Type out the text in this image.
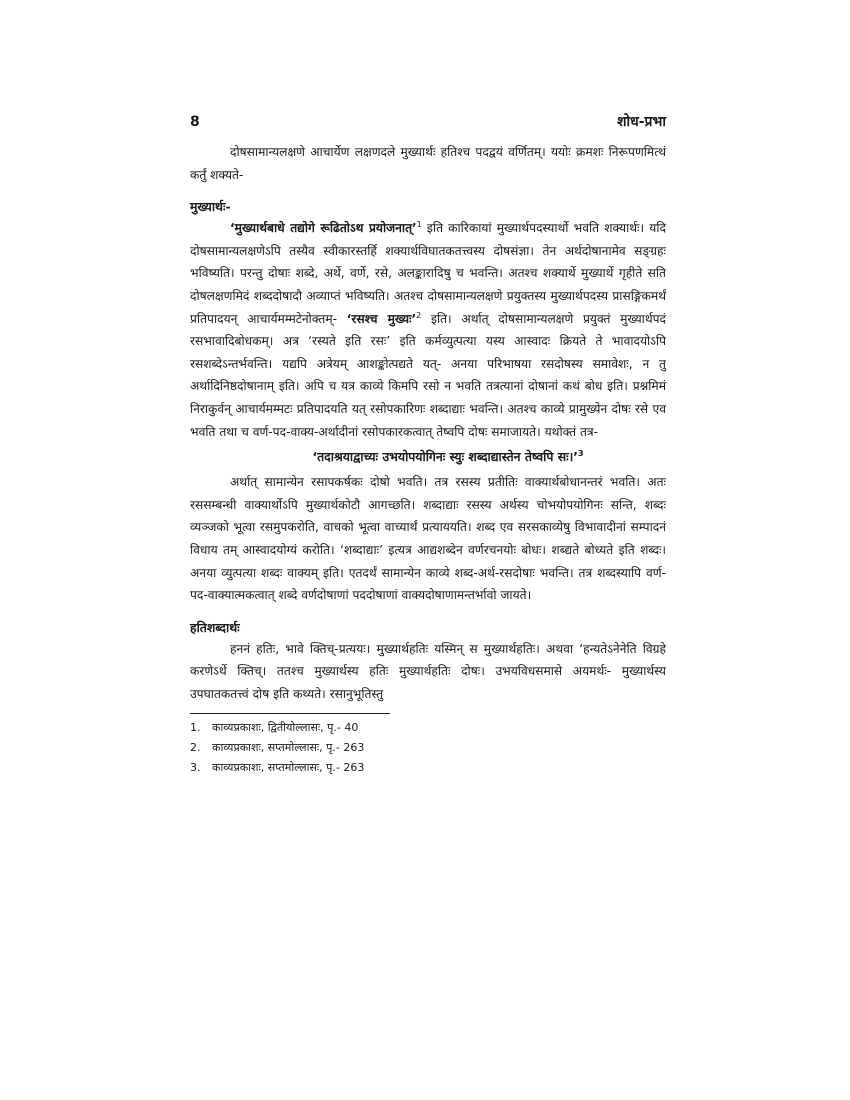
8	शोध-प्रभा

दोषसामान्यलक्षणे आचार्येण लक्षणदले मुख्यार्थः हतिश्च पदद्वयं वर्णितम्। ययोः क्रमशः निरूपणमित्थं कर्तुं शक्यते-

मुख्यार्थः-

‘मुख्यार्थबाधे तद्योगे रूढितोऽथ प्रयोजनात्’$^1$ इति कारिकायां मुख्यार्थपदस्यार्थो भवति शक्यार्थः। यदि दोषसामान्यलक्षणेऽपि तस्यैव स्वीकारस्तर्हि शक्यार्थविघातकतत्त्वस्य दोषसंज्ञा। तेन अर्थदोषानामेव सङ्ग्रहः भविष्यति। परन्तु दोषाः शब्दे, अर्थे, वर्णे, रसे, अलङ्कारादिषु च भवन्ति। अतश्च शक्यार्थे मुख्यार्थे गृहीते सति दोषलक्षणमिदं शब्ददोषादौ अव्याप्तं भविष्यति। अतश्च दोषसामान्यलक्षणे प्रयुक्तस्य मुख्यार्थपदस्य प्रासङ्गिकमर्थं प्रतिपादयन् आचार्यमम्मटेनोक्तम्- ‘रसश्च मुख्यः’$^2$ इति। अर्थात् दोषसामान्यलक्षणे प्रयुक्तं मुख्यार्थपदं रसभावादिबोधकम्। अत्र ‘रस्यते इति रसः’ इति कर्मव्युत्पत्या यस्य आस्वादः क्रियते ते भावादयोऽपि रसशब्देऽन्तर्भवन्ति। यद्यपि अत्रेयम् आशङ्कोत्पद्यते यत्- अनया परिभाषया रसदोषस्य समावेशः, न तु अर्थादिनिष्ठदोषानाम् इति। अपि च यत्र काव्ये किमपि रसो न भवति तत्रत्यानां दोषानां कथं बोध इति। प्रश्नमिमं निराकुर्वन् आचार्यमम्मटः प्रतिपादयति यत् रसोपकारिणः शब्दाद्याः भवन्ति। अतश्च काव्ये प्रामुख्येन दोषः रसे एव भवति तथा च वर्ण-पद-वाक्य-अर्थादीनां रसोपकारकत्वात् तेष्वपि दोषः समाजायते। यथोक्तं तत्र-

‘तदाश्रयाद्वाच्यः उभयोपयोगिनः स्युः शब्दाद्यास्तेन तेष्वपि सः।’$^3$

अर्थात् सामान्येन रसापकर्षकः दोषो भवति। तत्र रसस्य प्रतीतिः वाक्यार्थबोधानन्तरं भवति। अतः रससम्बन्धी वाक्यार्थोऽपि मुख्यार्थकोटौ आगच्छति। शब्दाद्याः रसस्य अर्थस्य चोभयोपयोगिनः सन्ति, शब्दः व्यञ्जको भूत्वा रसमुपकरोति, वाचको भूत्वा वाच्यार्थं प्रत्याययति। शब्द एव सरसकाव्येषु विभावादीनां सम्पादनं विधाय तम् आस्वादयोग्यं करोति। ‘शब्दाद्याः’ इत्यत्र आद्यशब्देन वर्णरचनयोः बोधः। शब्द्यते बोध्यते इति शब्दः। अनया व्युत्पत्या शब्दः वाक्यम् इति। एतदर्थं सामान्येन काव्ये शब्द-अर्थ-रसदोषाः भवन्ति। तत्र शब्दस्यापि वर्ण-पद-वाक्यात्मकत्वात् शब्दे वर्णदोषाणां पददोषाणां वाक्यदोषाणामन्तर्भावो जायते।

हतिशब्दार्थः

हननं हतिः, भावे क्तिच्-प्रत्ययः। मुख्यार्थहतिः यस्मिन् स मुख्यार्थहतिः। अथवा ‘हन्यतेऽनेनेति विग्रहे करणेऽर्थे क्तिच्। ततश्च मुख्यार्थस्य हतिः मुख्यार्थहतिः दोषः। उभयविधसमासे अयमर्थः- मुख्यार्थस्य उपघातकतत्त्वं दोष इति कथ्यते। रसानुभूतिस्तु

1.	काव्यप्रकाशः, द्वितीयोल्लासः, पृ.- 40
2.	काव्यप्रकाशः, सप्तमोल्लासः, पृ.- 263
3.	काव्यप्रकाशः, सप्तमोल्लासः, पृ.- 263
